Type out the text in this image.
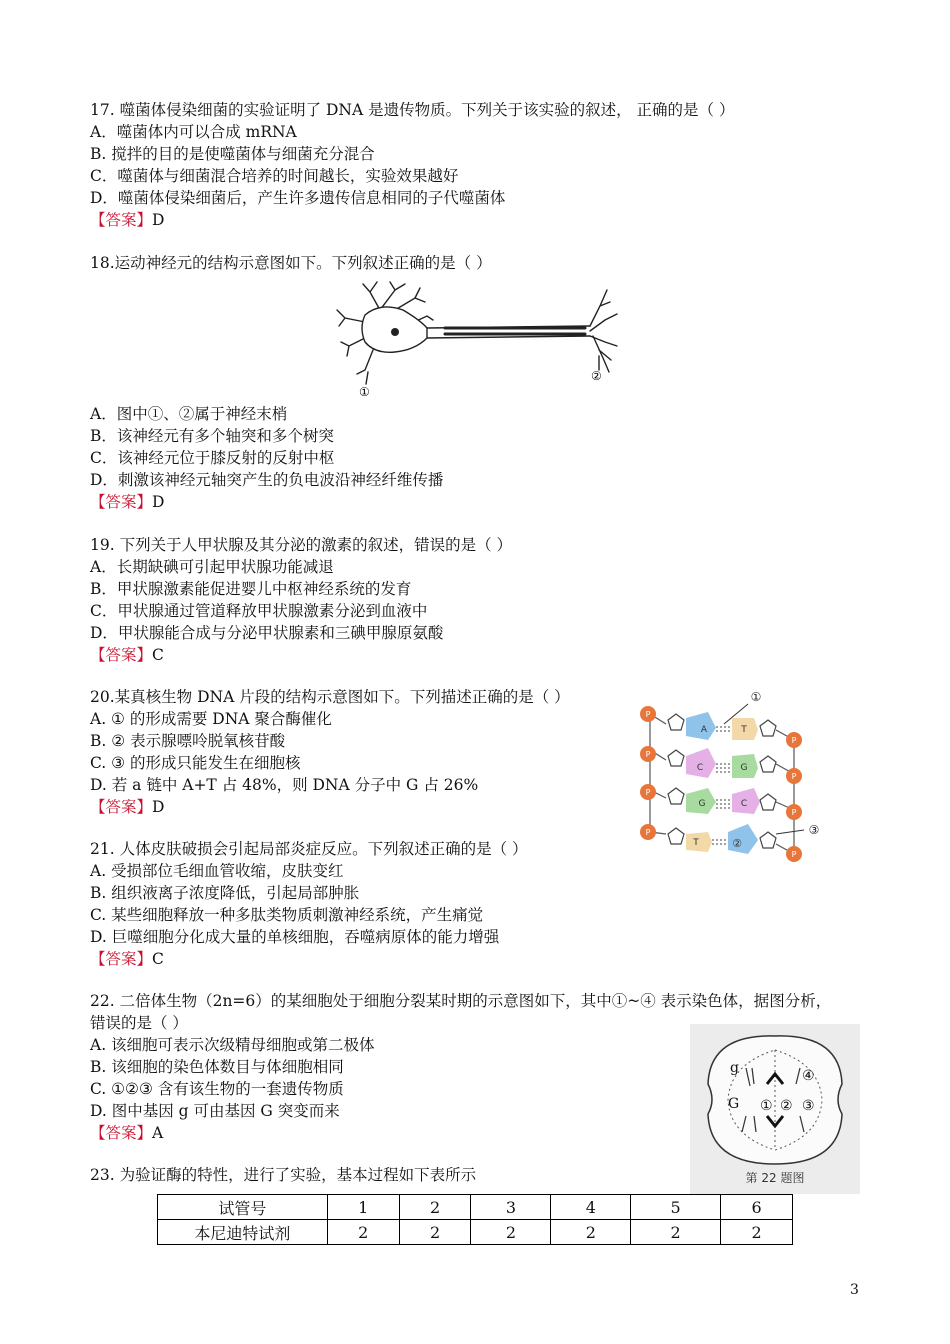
17. 噬菌体侵染细菌的实验证明了 DNA 是遗传物质。下列关于该实验的叙述， 正确的是（ ）
A．噬菌体内可以合成 mRNA
B. 搅拌的目的是使噬菌体与细菌充分混合
C．噬菌体与细菌混合培养的时间越长，实验效果越好
D．噬菌体侵染细菌后，产生许多遗传信息相同的子代噬菌体
【答案】D
18.运动神经元的结构示意图如下。下列叙述正确的是（ ）
①
②
A．图中①、②属于神经末梢
B．该神经元有多个轴突和多个树突
C．该神经元位于膝反射的反射中枢
D．刺激该神经元轴突产生的负电波沿神经纤维传播
【答案】D
19. 下列关于人甲状腺及其分泌的激素的叙述，错误的是（ ）
A．长期缺碘可引起甲状腺功能减退
B．甲状腺激素能促进婴儿中枢神经系统的发育
C．甲状腺通过管道释放甲状腺激素分泌到血液中
D．甲状腺能合成与分泌甲状腺素和三碘甲腺原氨酸
【答案】C
20.某真核生物 DNA 片段的结构示意图如下。下列描述正确的是（ ）
A. ① 的形成需要 DNA 聚合酶催化
B. ② 表示腺嘌呤脱氧核苷酸
C. ③ 的形成只能发生在细胞核
D. 若 a 链中 A+T 占 48%，则 DNA 分子中 G 占 26%
【答案】D
P
P
P
P
P
P
P
P
A	T
C	G
G	C
T	②
①
③
21. 人体皮肤破损会引起局部炎症反应。下列叙述正确的是（ ）
A. 受损部位毛细血管收缩，皮肤变红
B. 组织液离子浓度降低，引起局部肿胀
C. 某些细胞释放一种多肽类物质刺激神经系统，产生痛觉
D. 巨噬细胞分化成大量的单核细胞，吞噬病原体的能力增强
【答案】C
22. 二倍体生物（2n=6）的某细胞处于细胞分裂某时期的示意图如下，其中①~④ 表示染色体，据图分析，
错误的是（ ）
A. 该细胞可表示次级精母细胞或第二极体
B. 该细胞的染色体数目与体细胞相同
C. ①②③ 含有该生物的一套遗传物质
D. 图中基因 g 可由基因 G 突变而来
【答案】A
g
G ① ② ③
④
第 22 题图
23. 为验证酶的特性，进行了实验，基本过程如下表所示
试管号	1	2	3	4	5	6
本尼迪特试剂	2	2	2	2	2	2
3
